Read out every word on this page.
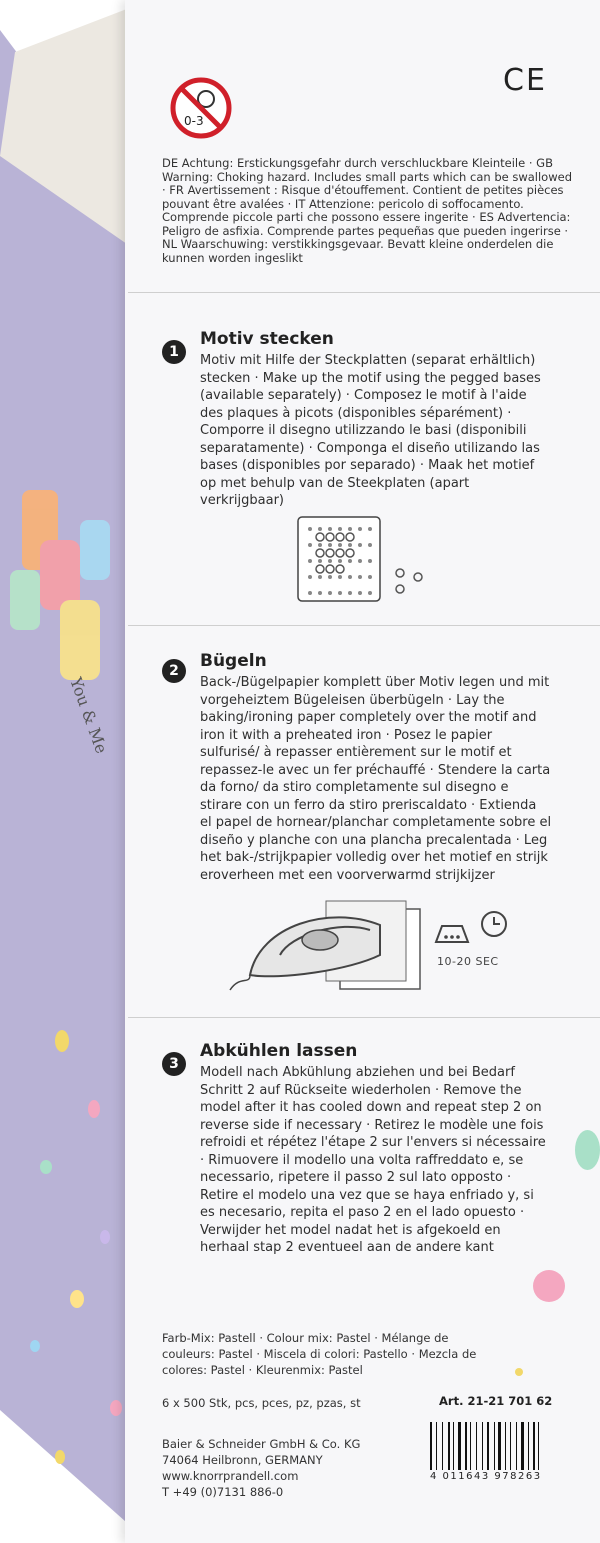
You & Me
0-3
CE
DE Achtung: Erstickungsgefahr durch verschluckbare Kleinteile · GB Warning: Choking hazard. Includes small parts which can be swallowed · FR Avertissement : Risque d'étouffement. Contient de petites pièces pouvant être avalées · IT Attenzione: pericolo di soffocamento. Comprende piccole parti che possono essere ingerite · ES Advertencia: Peligro de asfixia. Comprende partes pequeñas que pueden ingerirse · NL Waarschuwing: verstikkingsgevaar. Bevatt kleine onderdelen die kunnen worden ingeslikt
1
Motiv stecken
Motiv mit Hilfe der Steckplatten (separat erhältlich) stecken · Make up the motif using the pegged bases (available separately) · Composez le motif à l'aide des plaques à picots (disponibles séparément) · Comporre il disegno utilizzando le basi (disponibili separatamente) · Componga el diseño utilizando las bases (disponibles por separado) · Maak het motief op met behulp van de Steekplaten (apart verkrijgbaar)
2	Bügeln
Back-/Bügelpapier komplett über Motiv legen und mit vorgeheiztem Bügeleisen überbügeln · Lay the baking/ironing paper completely over the motif and iron it with a preheated iron · Posez le papier sulfurisé/ à repasser entièrement sur le motif et repassez-le avec un fer préchauffé · Stendere la carta da forno/ da stiro completamente sul disegno e stirare con un ferro da stiro preriscaldato · Extienda el papel de hornear/planchar completamente sobre el diseño y planche con una plancha precalentada · Leg het bak-/strijkpapier volledig over het motief en strijk eroverheen met een voorverwarmd strijkijzer
10-20 SEC
3
Abkühlen lassen
Modell nach Abkühlung abziehen und bei Bedarf Schritt 2 auf Rückseite wiederholen · Remove the model after it has cooled down and repeat step 2 on reverse side if necessary · Retirez le modèle une fois refroidi et répétez l'étape 2 sur l'envers si nécessaire · Rimuovere il modello una volta raffreddato e, se necessario, ripetere il passo 2 sul lato opposto · Retire el modelo una vez que se haya enfriado y, si es necesario, repita el paso 2 en el lado opuesto · Verwijder het model nadat het is afgekoeld en herhaal stap 2 eventueel aan de andere kant
Farb-Mix: Pastell · Colour mix: Pastel · Mélange de couleurs: Pastel · Miscela di colori: Pastello · Mezcla de colores: Pastel · Kleurenmix: Pastel
6 x 500 Stk, pcs, pces, pz, pzas, st	Art. 21-21 701 62
Baier & Schneider GmbH & Co. KG
74064 Heilbronn, GERMANY
www.knorrprandell.com
T +49 (0)7131 886-0
4 011643 978263
